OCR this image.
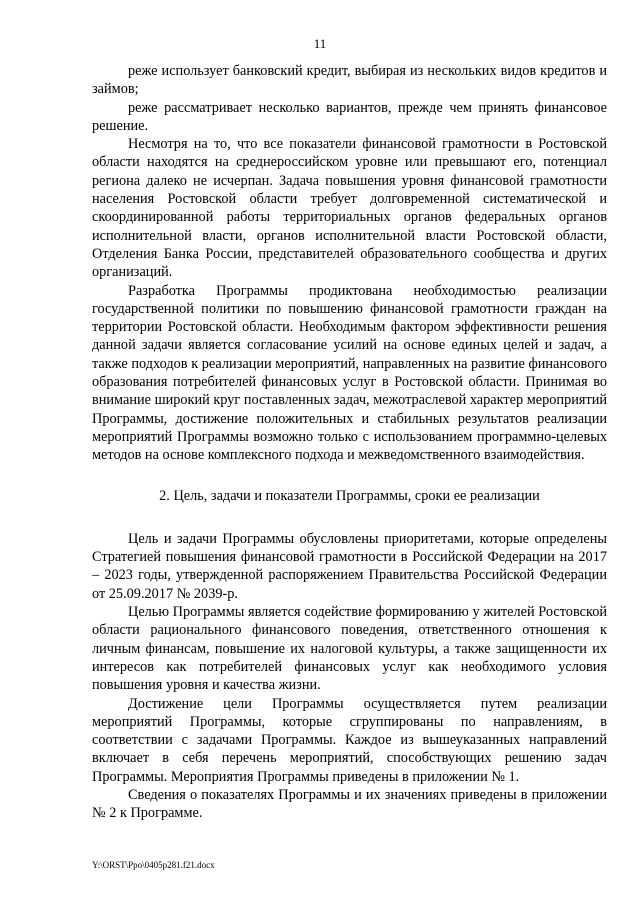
11

реже использует банковский кредит, выбирая из нескольких видов кредитов и займов;

реже рассматривает несколько вариантов, прежде чем принять финансовое решение.

Несмотря на то, что все показатели финансовой грамотности в Ростовской области находятся на среднероссийском уровне или превышают его, потенциал региона далеко не исчерпан. Задача повышения уровня финансовой грамотности населения Ростовской области требует долговременной систематической и скоординированной работы территориальных органов федеральных органов исполнительной власти, органов исполнительной власти Ростовской области, Отделения Банка России, представителей образовательного сообщества и других организаций.

Разработка Программы продиктована необходимостью реализации государственной политики по повышению финансовой грамотности граждан на территории Ростовской области. Необходимым фактором эффективности решения данной задачи является согласование усилий на основе единых целей и задач, а также подходов к реализации мероприятий, направленных на развитие финансового образования потребителей финансовых услуг в Ростовской области. Принимая во внимание широкий круг поставленных задач, межотраслевой характер мероприятий Программы, достижение положительных и стабильных результатов реализации мероприятий Программы возможно только с использованием программно-целевых методов на основе комплексного подхода и межведомственного взаимодействия.

2. Цель, задачи и показатели Программы, сроки ее реализации

Цель и задачи Программы обусловлены приоритетами, которые определены Стратегией повышения финансовой грамотности в Российской Федерации на 2017 – 2023 годы, утвержденной распоряжением Правительства Российской Федерации от 25.09.2017 № 2039-р.

Целью Программы является содействие формированию у жителей Ростовской области рационального финансового поведения, ответственного отношения к личным финансам, повышение их налоговой культуры, а также защищенности их интересов как потребителей финансовых услуг как необходимого условия повышения уровня и качества жизни.

Достижение цели Программы осуществляется путем реализации мероприятий Программы, которые сгруппированы по направлениям, в соответствии с задачами Программы. Каждое из вышеуказанных направлений включает в себя перечень мероприятий, способствующих решению задач Программы. Мероприятия Программы приведены в приложении № 1.

Сведения о показателях Программы и их значениях приведены в приложении № 2 к Программе.

Y:\ORST\Ppo\0405p281.f21.docx
